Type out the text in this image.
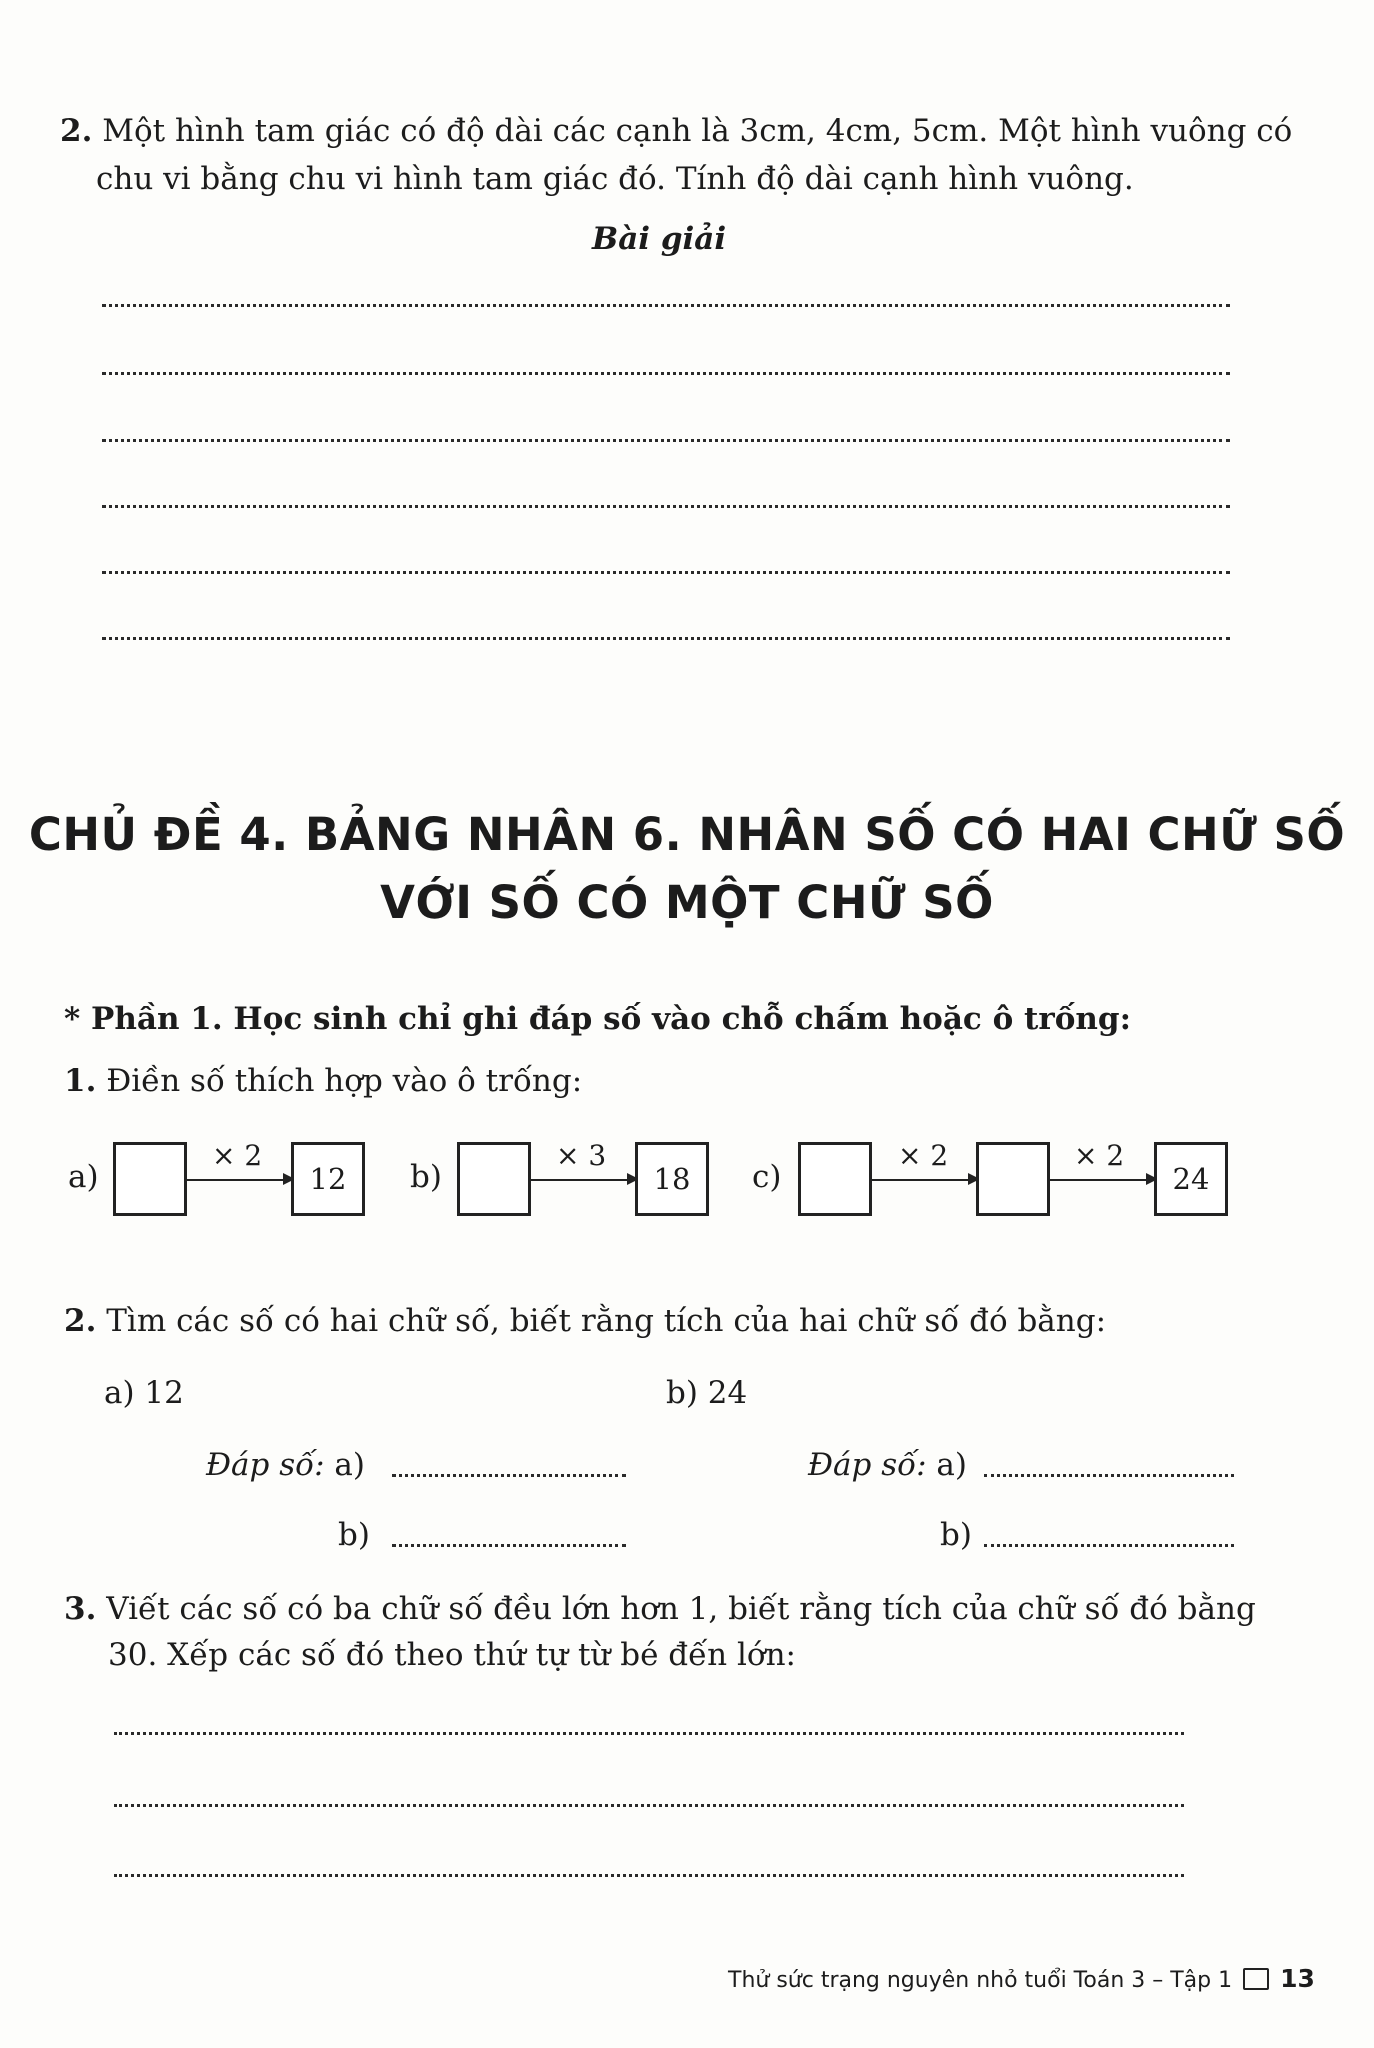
2. Một hình tam giác có độ dài các cạnh là 3cm, 4cm, 5cm. Một hình vuông có
chu vi bằng chu vi hình tam giác đó. Tính độ dài cạnh hình vuông.
Bài giải
CHỦ ĐỀ 4. BẢNG NHÂN 6. NHÂN SỐ CÓ HAI CHỮ SỐ
VỚI SỐ CÓ MỘT CHỮ SỐ
* Phần 1. Học sinh chỉ ghi đáp số vào chỗ chấm hoặc ô trống:
1. Điền số thích hợp vào ô trống:
a)
× 2
12	b)
× 3
18	c)
× 2	× 2
24
2. Tìm các số có hai chữ số, biết rằng tích của hai chữ số đó bằng:
a) 12	b) 24
Đáp số: a)
b)
Đáp số: a)
b)
3. Viết các số có ba chữ số đều lớn hơn 1, biết rằng tích của chữ số đó bằng
30. Xếp các số đó theo thứ tự từ bé đến lớn:
Thử sức trạng nguyên nhỏ tuổi Toán 3 – Tập 1 13
